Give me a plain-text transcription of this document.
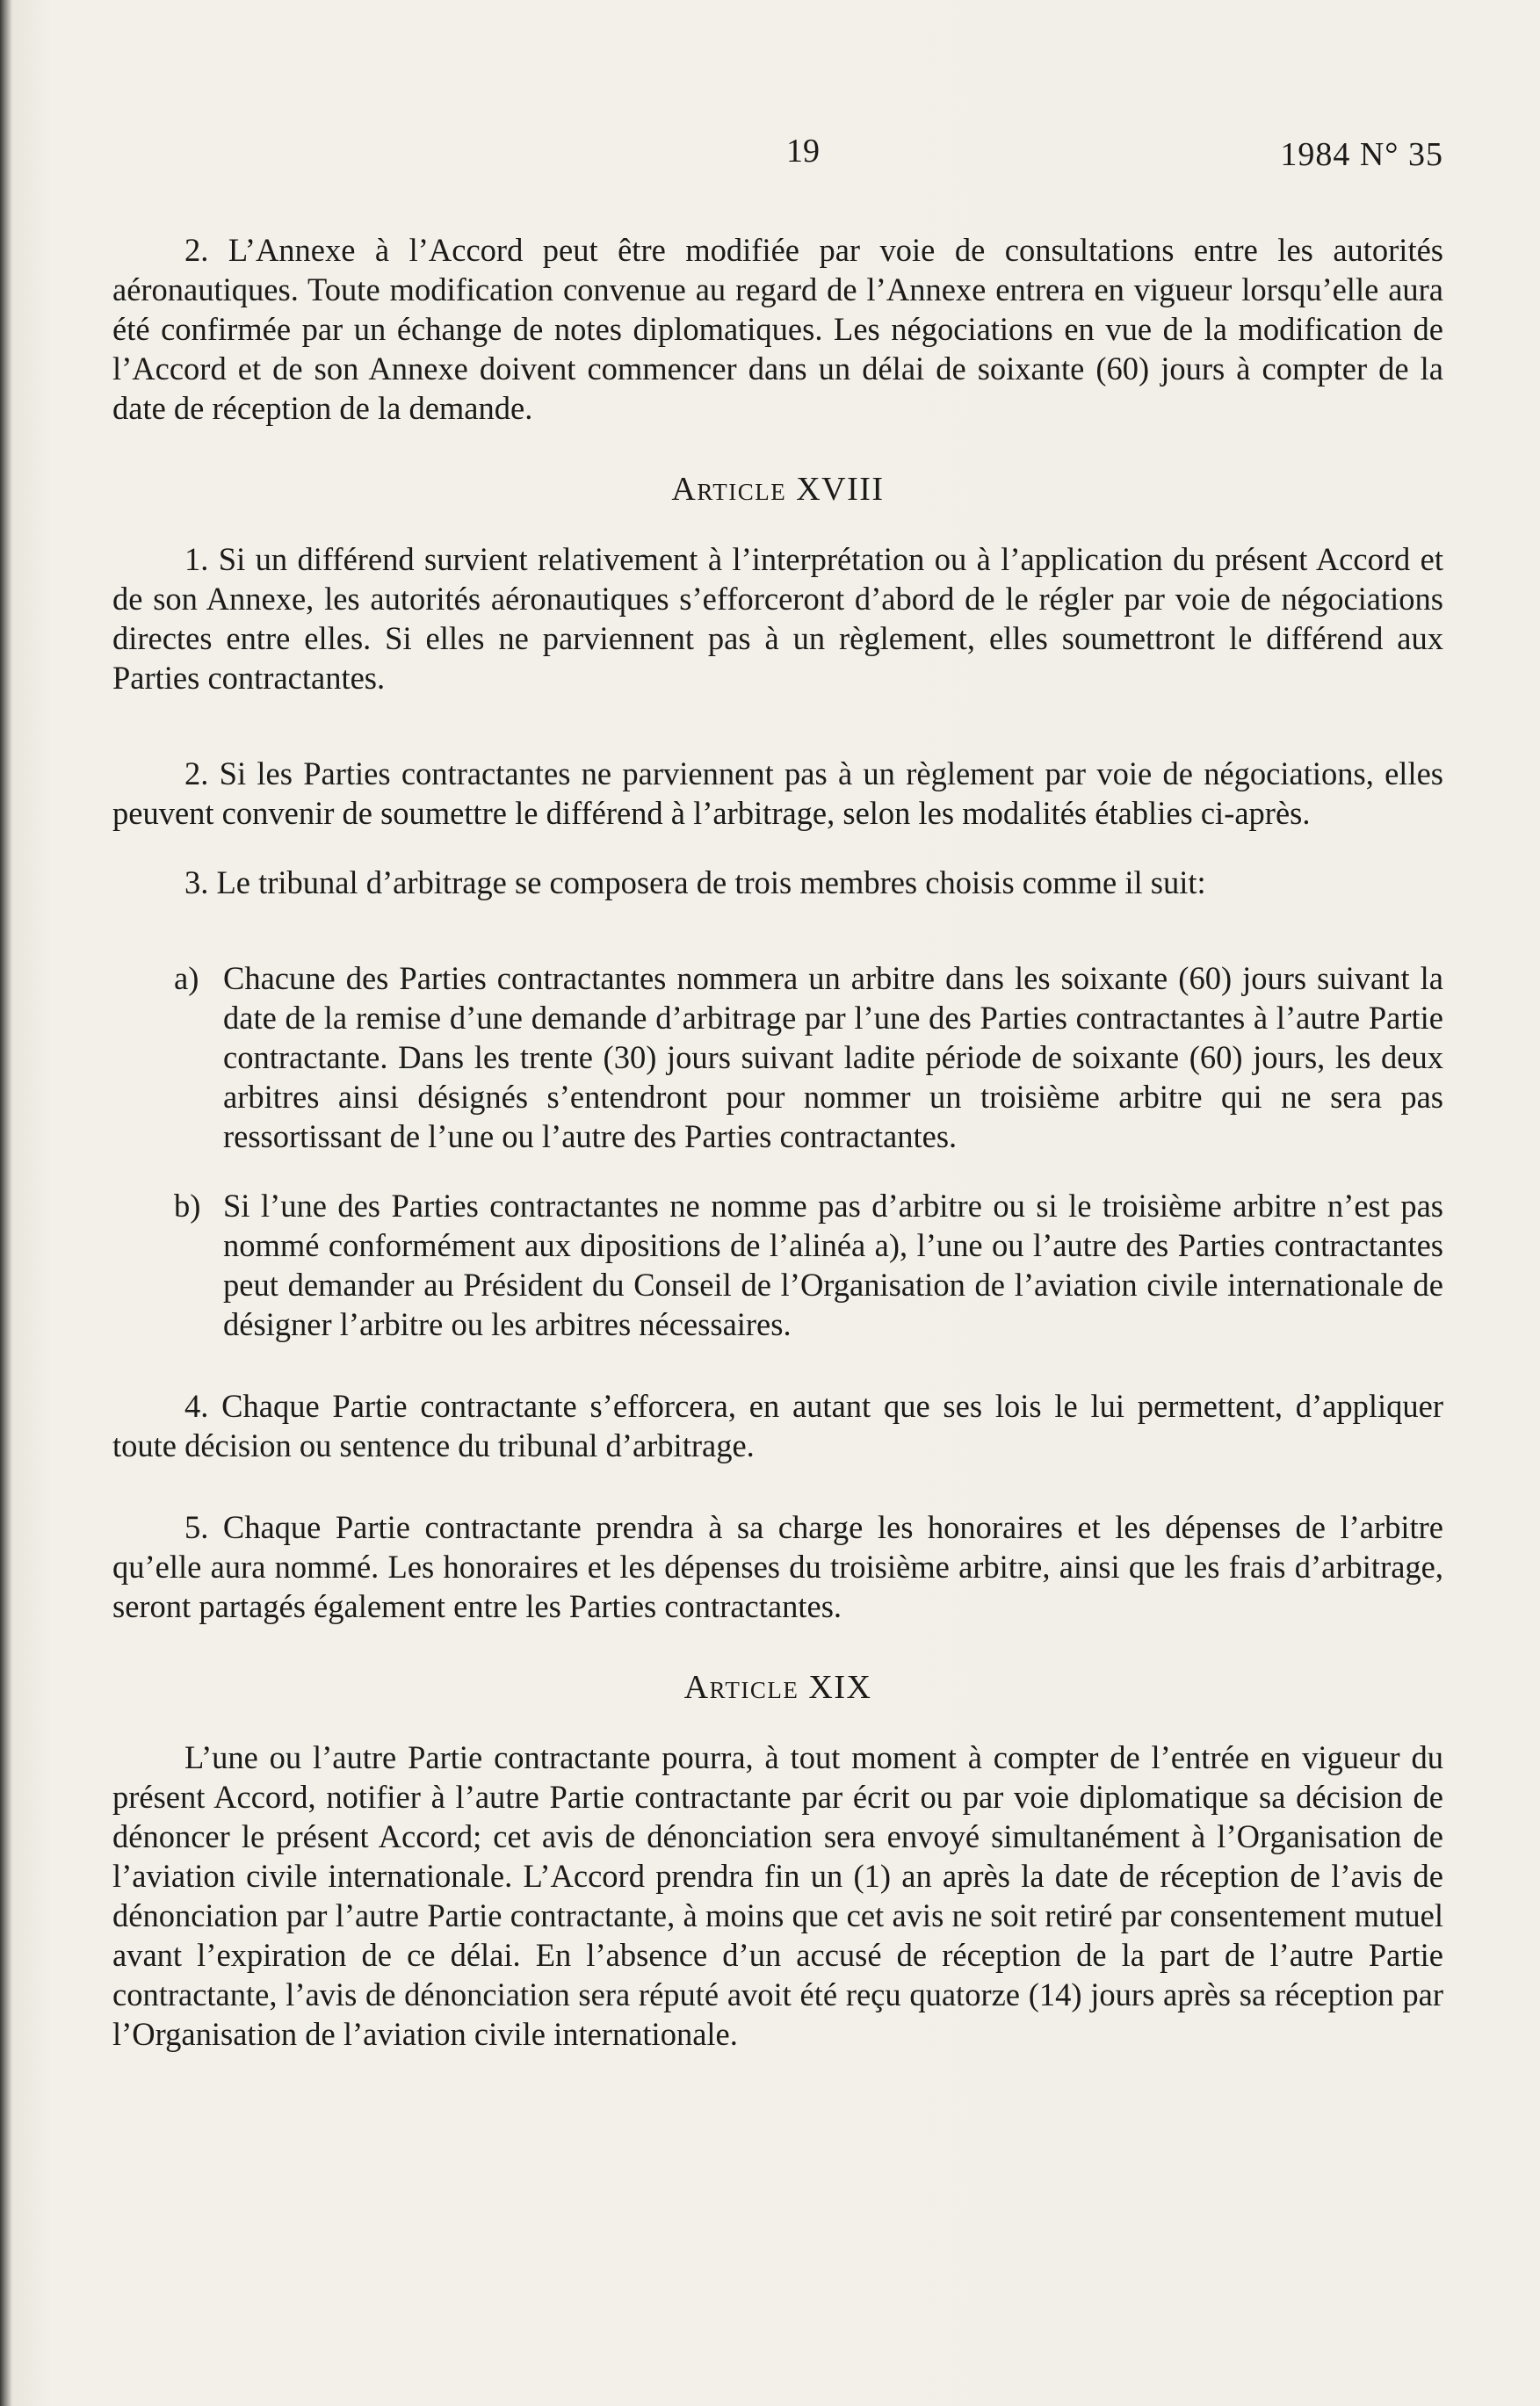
19	1984 N° 35

2. L’Annexe à l’Accord peut être modifiée par voie de consultations entre les autorités aéronautiques. Toute modification convenue au regard de l’Annexe entrera en vigueur lorsqu’elle aura été confirmée par un échange de notes diplomatiques. Les négociations en vue de la modification de l’Accord et de son Annexe doivent commencer dans un délai de soixante (60) jours à compter de la date de réception de la demande.

Article XVIII

1. Si un différend survient relativement à l’interprétation ou à l’application du présent Accord et de son Annexe, les autorités aéronautiques s’efforceront d’abord de le régler par voie de négociations directes entre elles. Si elles ne parviennent pas à un règlement, elles soumettront le différend aux Parties contractantes.

2. Si les Parties contractantes ne parviennent pas à un règlement par voie de négociations, elles peuvent convenir de soumettre le différend à l’arbitrage, selon les modalités établies ci-après.

3. Le tribunal d’arbitrage se composera de trois membres choisis comme il suit:

a) Chacune des Parties contractantes nommera un arbitre dans les soixante (60) jours suivant la date de la remise d’une demande d’arbitrage par l’une des Parties contractantes à l’autre Partie contractante. Dans les trente (30) jours suivant ladite période de soixante (60) jours, les deux arbitres ainsi désignés s’entendront pour nommer un troisième arbitre qui ne sera pas ressortissant de l’une ou l’autre des Parties contractantes.
b) Si l’une des Parties contractantes ne nomme pas d’arbitre ou si le troisième arbitre n’est pas nommé conformément aux dipositions de l’alinéa a), l’une ou l’autre des Parties contractantes peut demander au Président du Conseil de l’Organisation de l’aviation civile internationale de désigner l’arbitre ou les arbitres nécessaires.

4. Chaque Partie contractante s’efforcera, en autant que ses lois le lui permettent, d’appliquer toute décision ou sentence du tribunal d’arbitrage.

5. Chaque Partie contractante prendra à sa charge les honoraires et les dépenses de l’arbitre qu’elle aura nommé. Les honoraires et les dépenses du troisième arbitre, ainsi que les frais d’arbitrage, seront partagés également entre les Parties contractantes.

Article XIX

L’une ou l’autre Partie contractante pourra, à tout moment à compter de l’entrée en vigueur du présent Accord, notifier à l’autre Partie contractante par écrit ou par voie diplomatique sa décision de dénoncer le présent Accord; cet avis de dénonciation sera envoyé simultanément à l’Organisation de l’aviation civile internationale. L’Accord prendra fin un (1) an après la date de réception de l’avis de dénonciation par l’autre Partie contractante, à moins que cet avis ne soit retiré par consentement mutuel avant l’expiration de ce délai. En l’absence d’un accusé de réception de la part de l’autre Partie contractante, l’avis de dénonciation sera réputé avoit été reçu quatorze (14) jours après sa réception par l’Organisation de l’aviation civile internationale.
